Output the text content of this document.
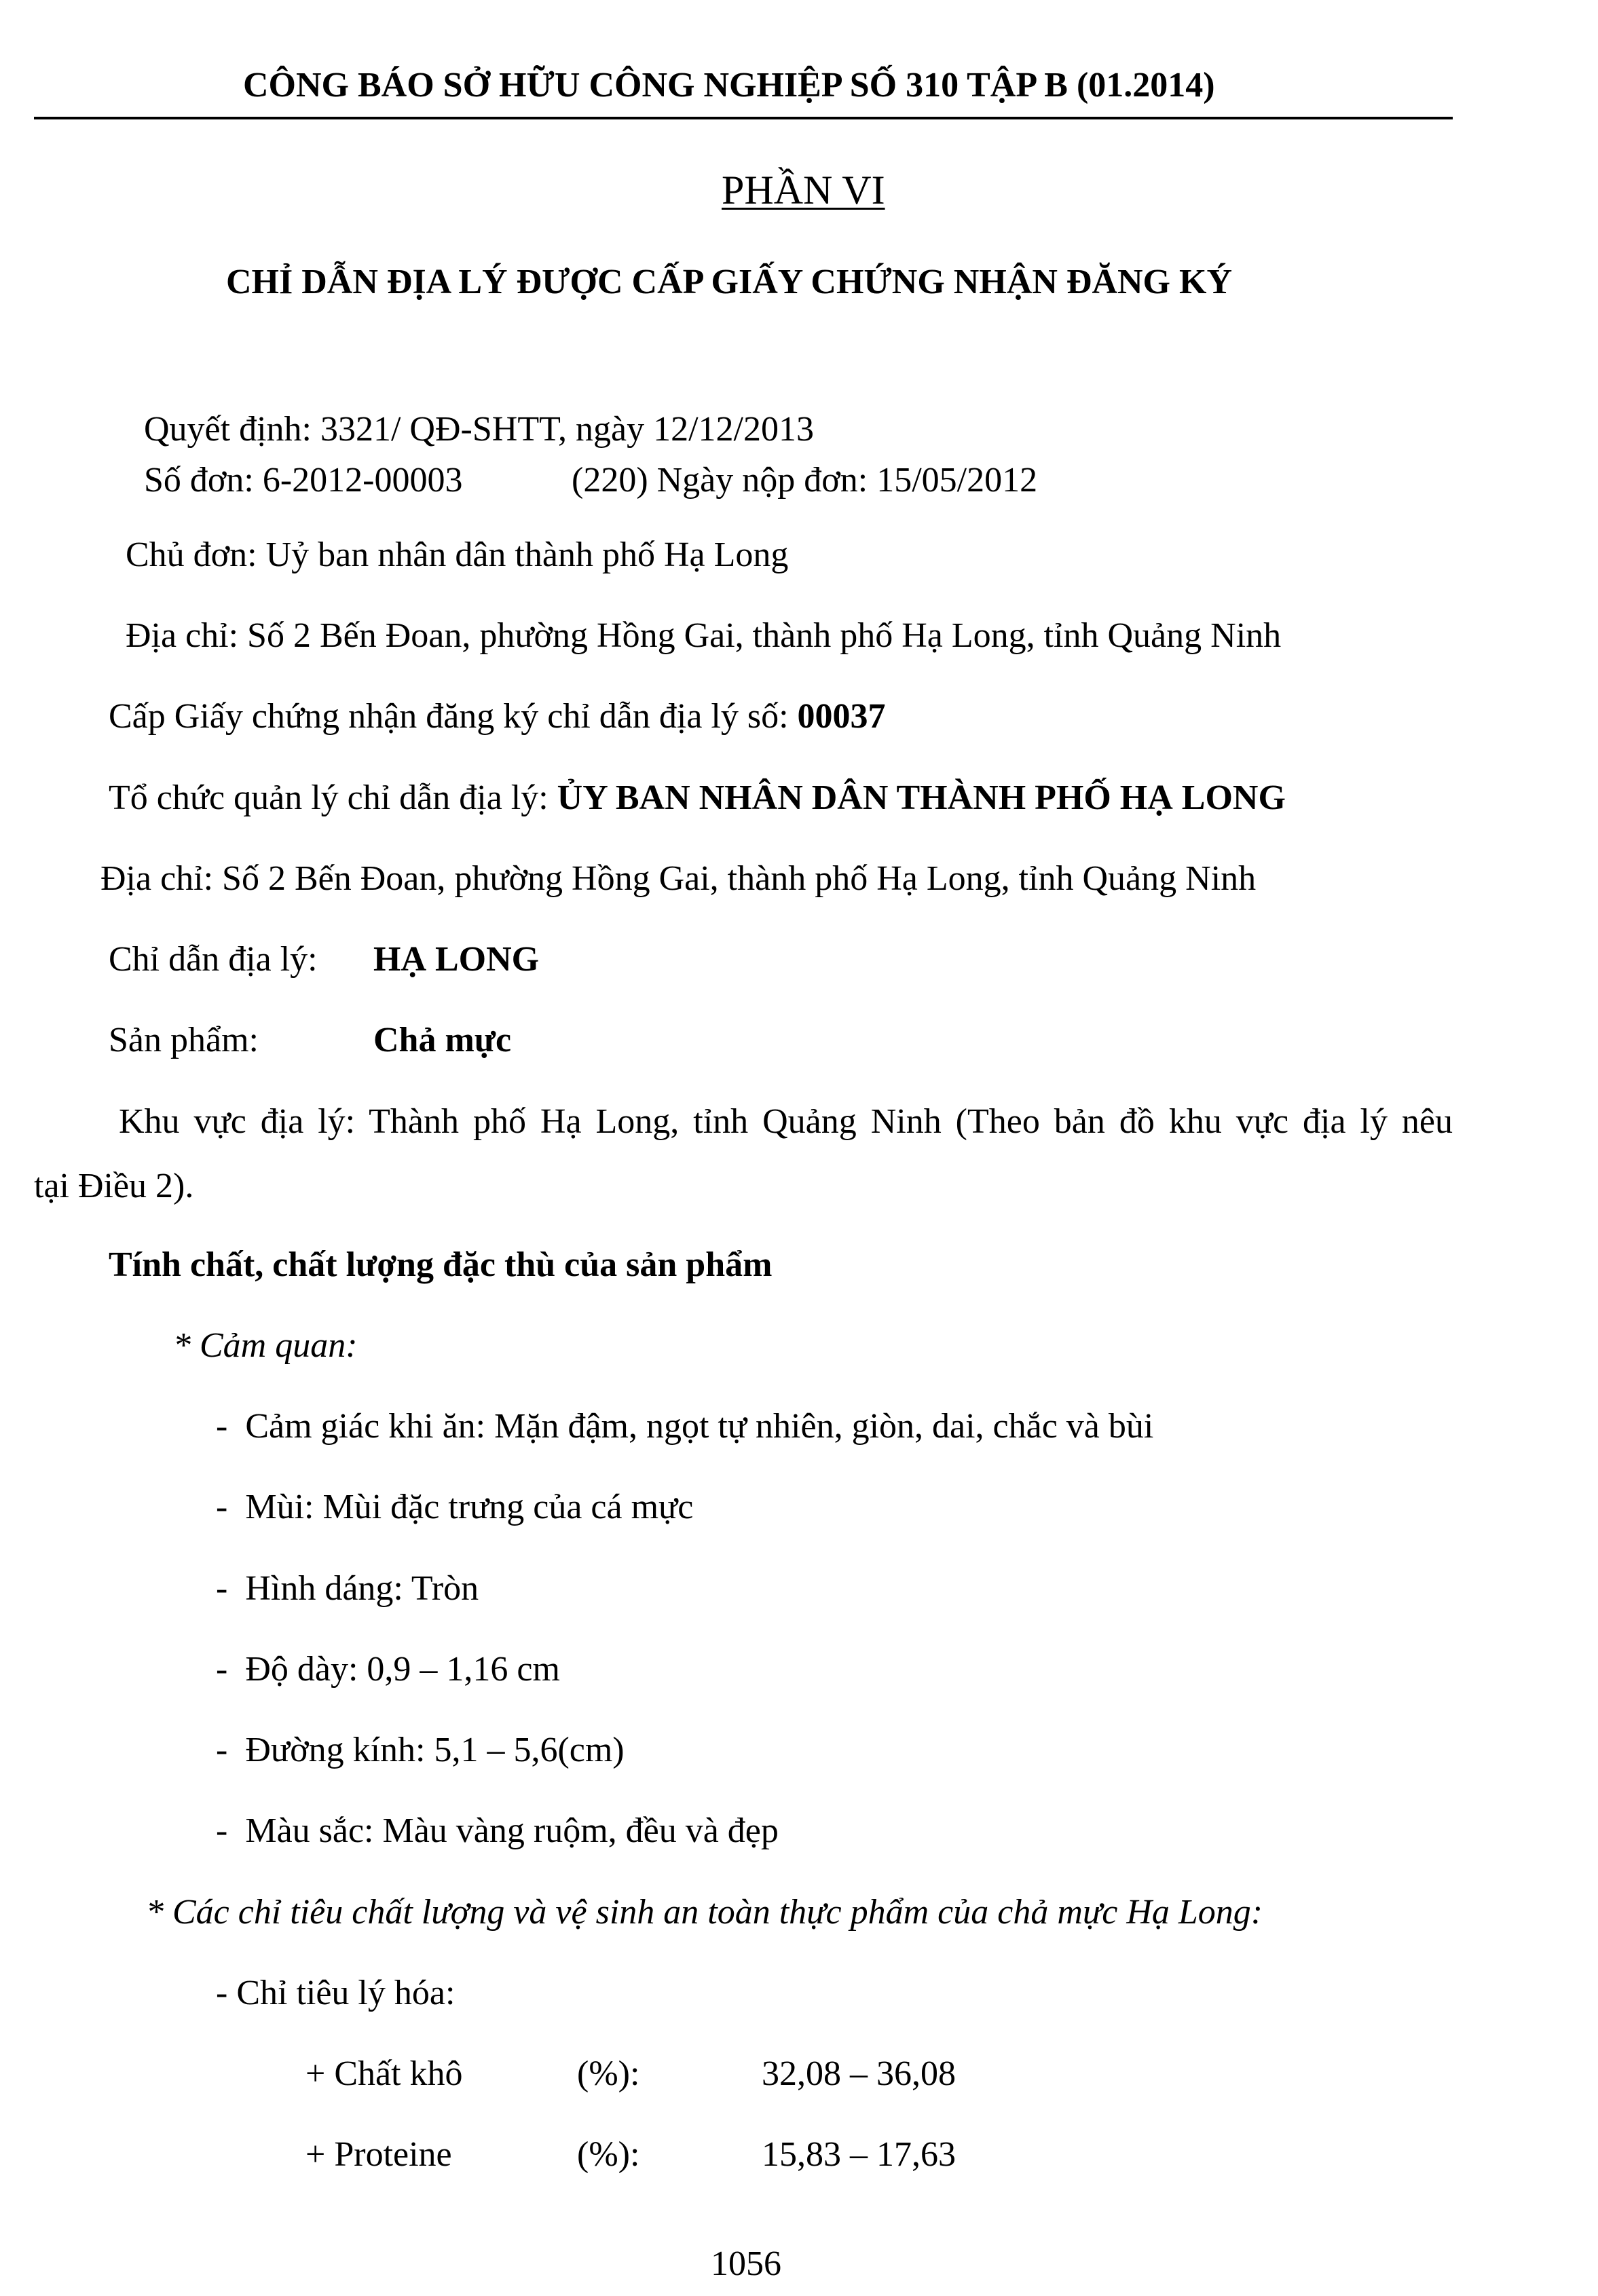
CÔNG BÁO SỞ HỮU CÔNG NGHIỆP SỐ 310 TẬP B (01.2014)
PHẦN VI
CHỈ DẪN ĐỊA LÝ ĐƯỢC CẤP GIẤY CHỨNG NHẬN ĐĂNG KÝ
Quyết định: 3321/ QĐ-SHTT, ngày 12/12/2013
Số đơn: 6-2012-00003	(220) Ngày nộp đơn: 15/05/2012
Chủ đơn: Uỷ ban nhân dân thành phố Hạ Long
Địa chỉ: Số 2 Bến Đoan, phường Hồng Gai, thành phố Hạ Long, tỉnh Quảng Ninh
Cấp Giấy chứng nhận đăng ký chỉ dẫn địa lý số: 00037
Tổ chức quản lý chỉ dẫn địa lý: ỦY BAN NHÂN DÂN THÀNH PHỐ HẠ LONG
Địa chỉ: Số 2 Bến Đoan, phường Hồng Gai, thành phố Hạ Long, tỉnh Quảng Ninh
Chỉ dẫn địa lý: HẠ LONG
Sản phẩm:	Chả mực
Khu vực địa lý: Thành phố Hạ Long, tỉnh Quảng Ninh (Theo bản đồ khu vực địa lý nêu
tại Điều 2).
Tính chất, chất lượng đặc thù của sản phẩm
* Cảm quan:
-  Cảm giác khi ăn: Mặn đậm, ngọt tự nhiên, giòn, dai, chắc và bùi
-  Mùi: Mùi đặc trưng của cá mực
-  Hình dáng: Tròn
-  Độ dày: 0,9 – 1,16 cm
-  Đường kính: 5,1 – 5,6(cm)
-  Màu sắc: Màu vàng ruộm, đều và đẹp
* Các chỉ tiêu chất lượng và vệ sinh an toàn thực phẩm của chả mực Hạ Long:
- Chỉ tiêu lý hóa:
+ Chất khô	(%):	32,08 – 36,08
+ Proteine	(%):	15,83 – 17,63
1056
